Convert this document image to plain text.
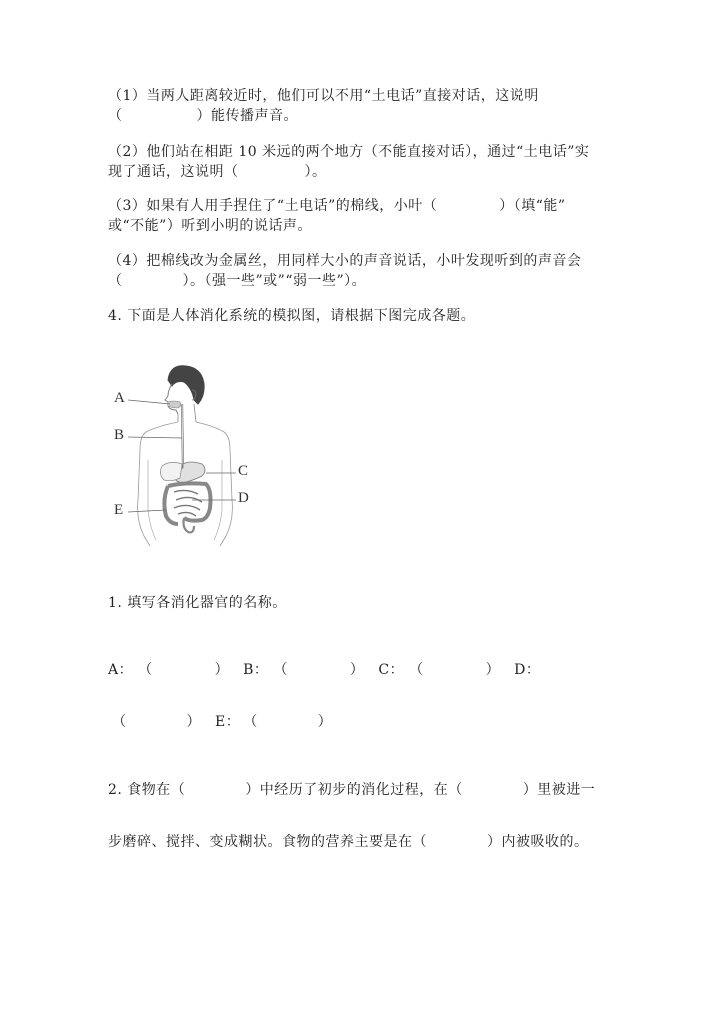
（1）当两人距离较近时，他们可以不用“土电话”直接对话，这说明
（	）能传播声音。
（2）他们站在相距 10 米远的两个地方（不能直接对话），通过“土电话”实
现了通话，这说明（	）。
（3）如果有人用手捏住了“土电话”的棉线，小叶（	）（填“能”
或“不能”）听到小明的说话声。
（4）把棉线改为金属丝，用同样大小的声音说话，小叶发现听到的声音会
（	）。（强一些”或”“弱一些”）。
4. 下面是人体消化系统的模拟图，请根据下图完成各题。
A
B
C
D
E
1. 填写各消化器官的名称。
A： （	） B： （	） C： （	） D：
（	） E： （	）
2. 食物在（	）中经历了初步的消化过程，在（	）里被进一
步磨碎、搅拌、变成糊状。食物的营养主要是在（	）内被吸收的。
